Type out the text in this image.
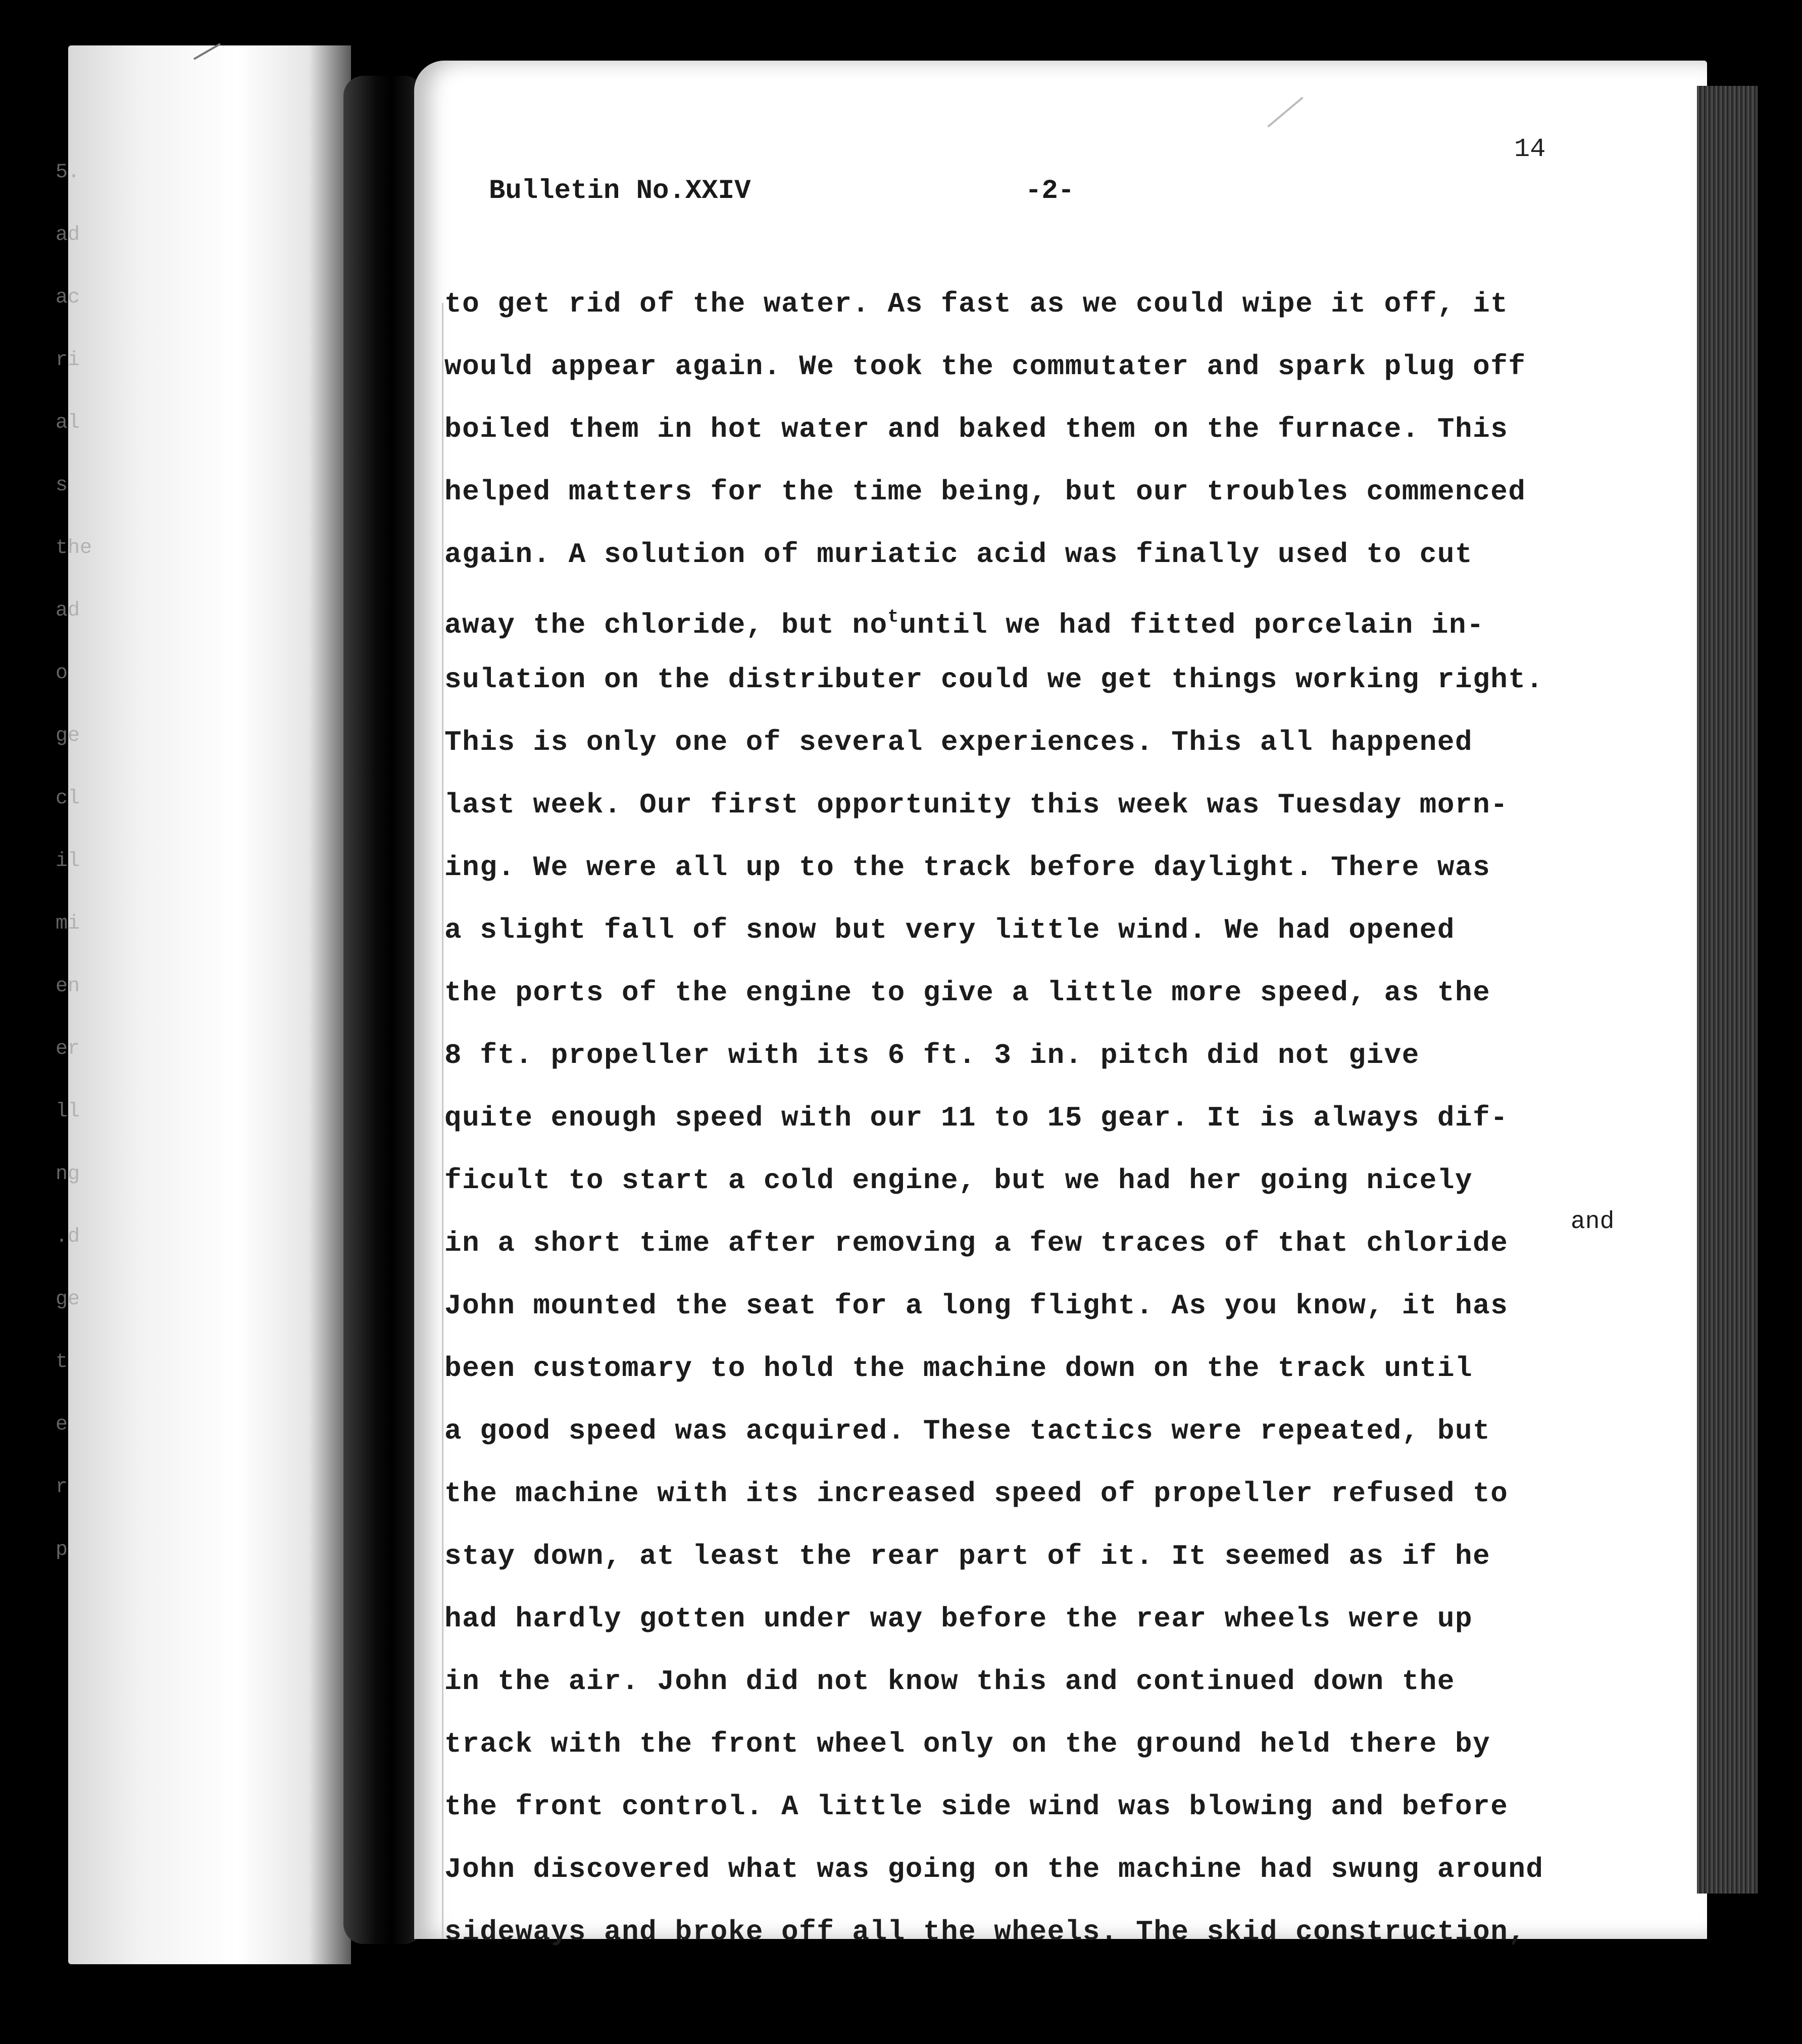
5.
ad
ac
ri
al
s
the
ad
o
ge
cl
il
mi
en
er
ll
ng
.d
ge
t
e
r
p
14
Bulletin No.XXIV	-2-
to get rid of the water. As fast as we could wipe it off, it
would appear again. We took the commutater and spark plug off
boiled them in hot water and baked them on the furnace. This
helped matters for the time being, but our troubles commenced
again. A solution of muriatic acid was finally used to cut
away the chloride, but $no^tuntil$ we had fitted porcelain in-
sulation on the distributer could we get things working right.
This is only one of several experiences. This all happened
last week. Our first opportunity this week was Tuesday morn-
ing. We were all up to the track before daylight. There was
a slight fall of snow but very little wind. We had opened
the ports of the engine to give a little more speed, as the
8 ft. propeller with its 6 ft. 3 in. pitch did not give
quite enough speed with our 11 to 15 gear. It is always dif-
ficult to start a cold engine, but we had her going nicely
in a short time after removing a few traces of that chloride
John mounted the seat for a long flight. As you know, it has
been customary to hold the machine down on the track until
a good speed was acquired. These tactics were repeated, but
the machine with its increased speed of propeller refused to
stay down, at least the rear part of it. It seemed as if he
had hardly gotten under way before the rear wheels were up
in the air. John did not know this and continued down the
track with the front wheel only on the ground held there by
the front control. A little side wind was blowing and before
John discovered what was going on the machine had swung around
sideways and broke off all the wheels. The skid construction,
and
